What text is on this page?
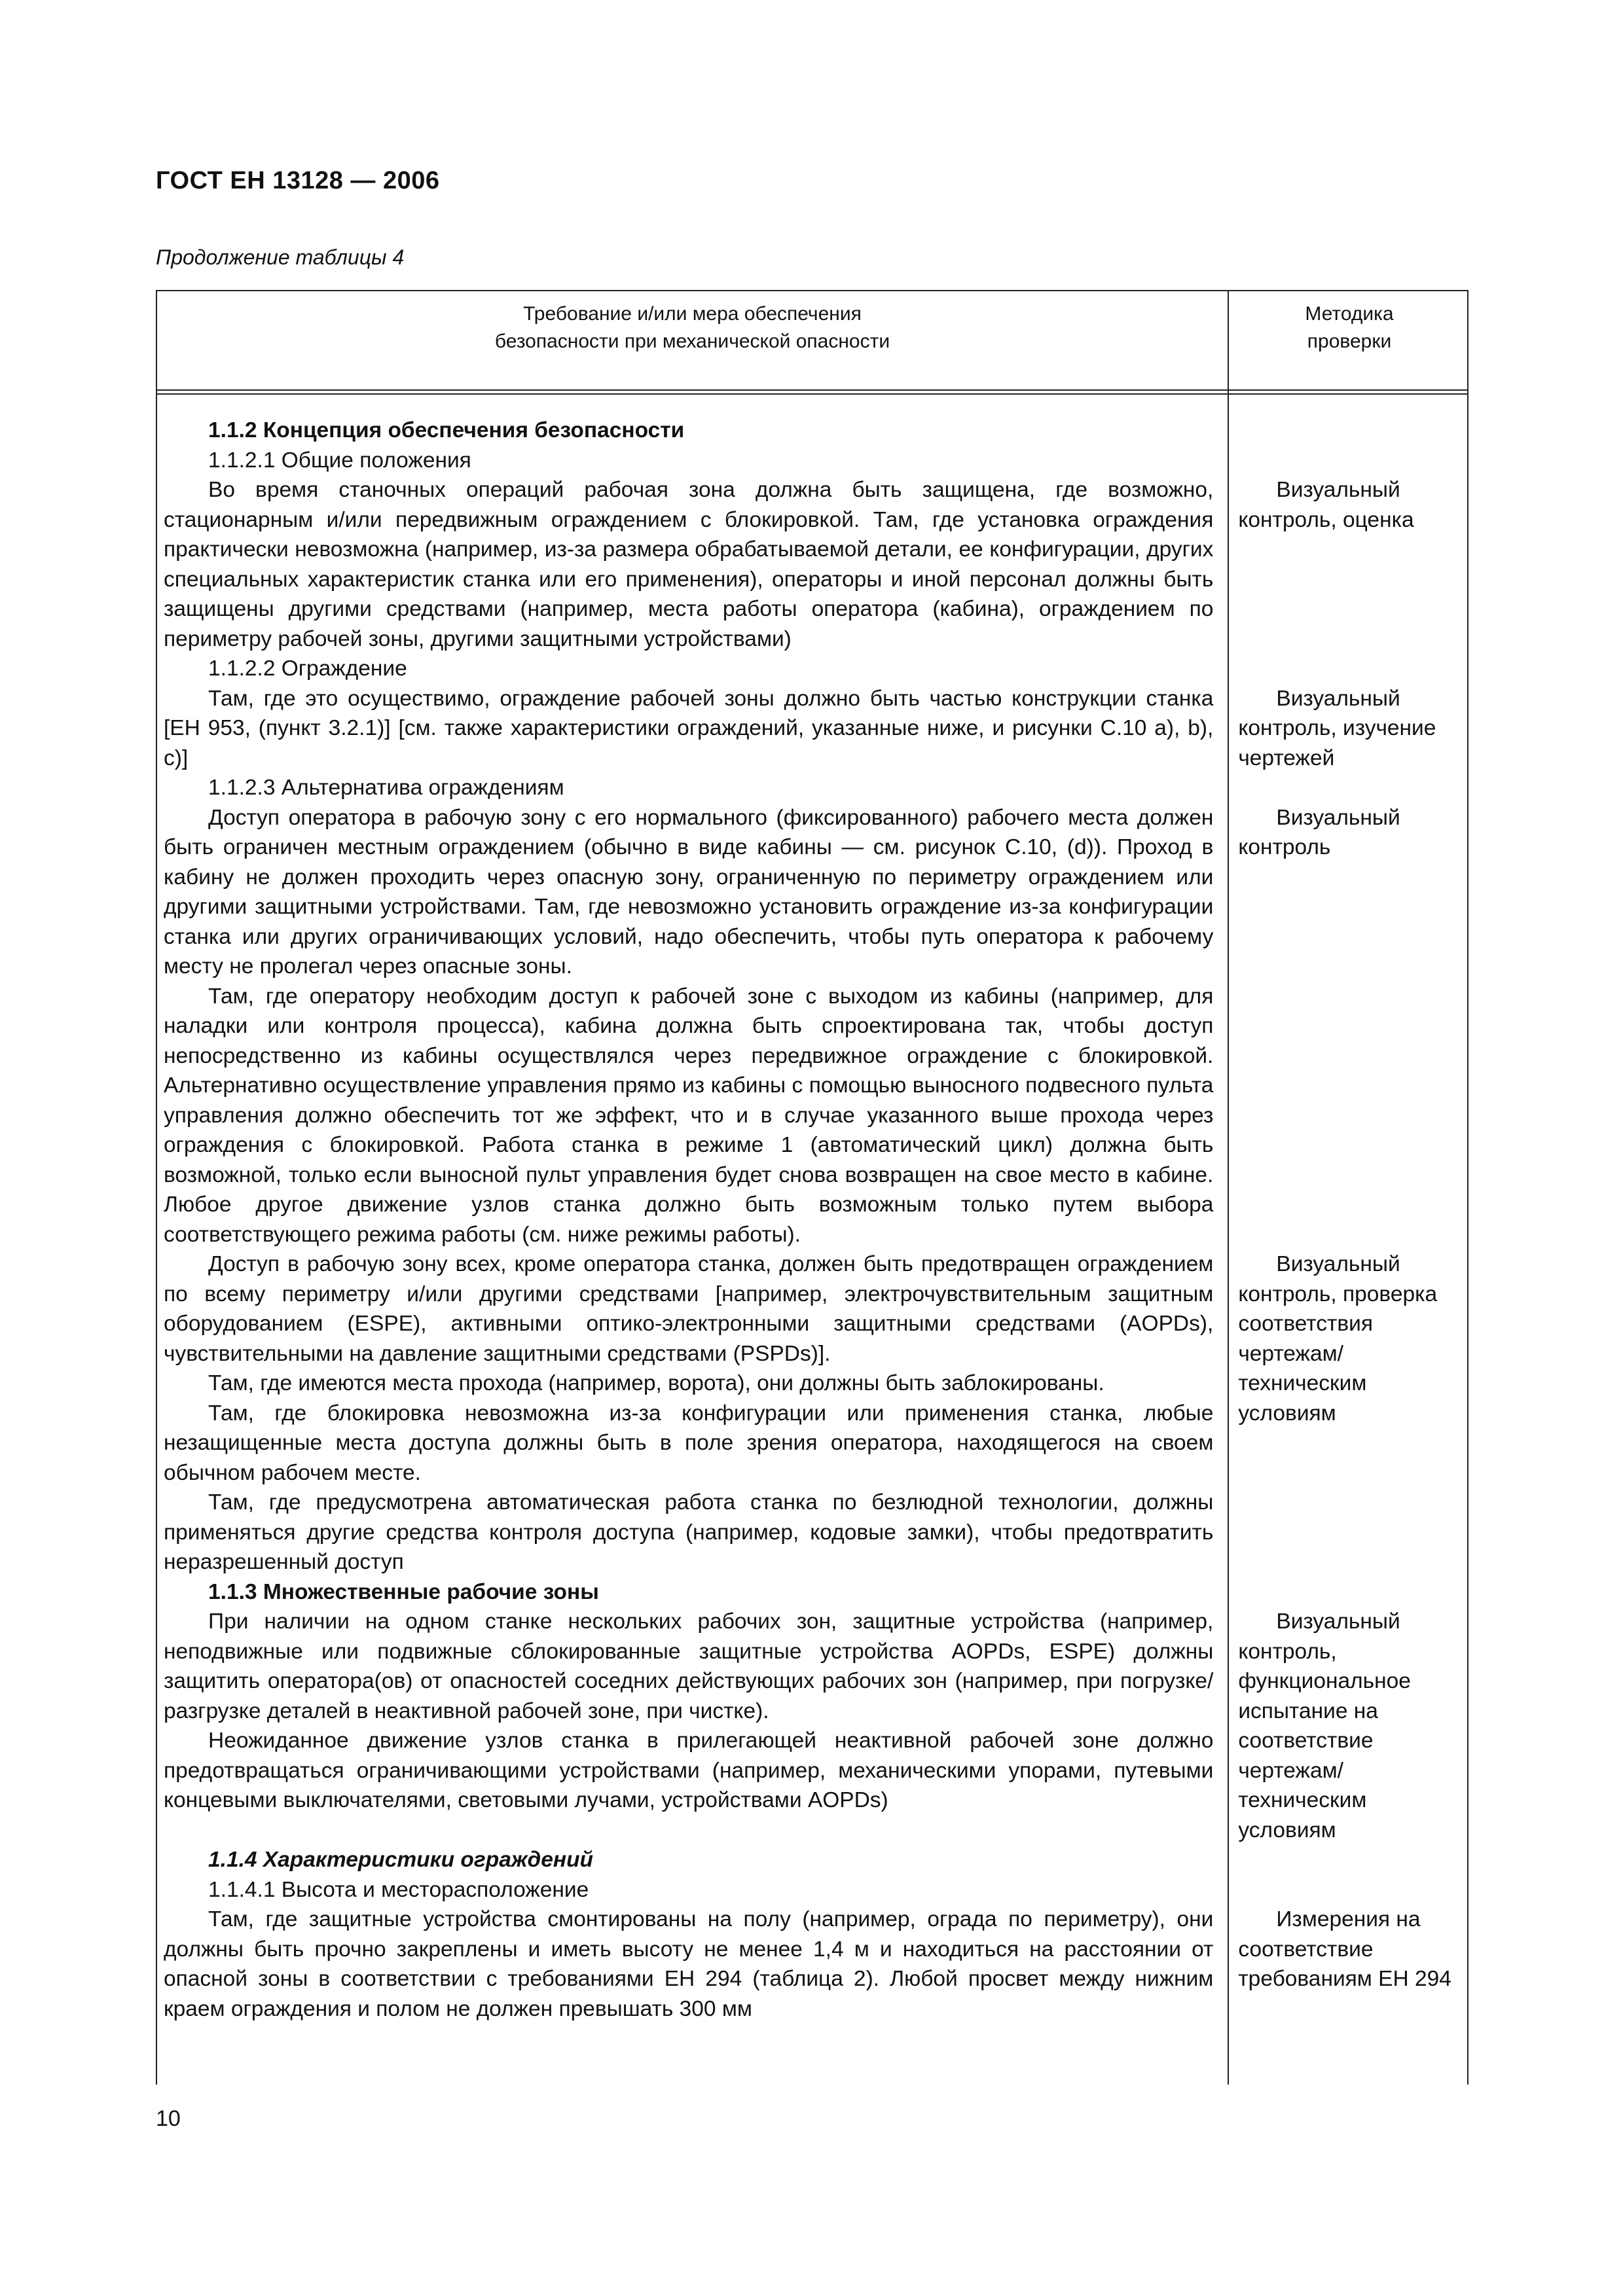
ГОСТ ЕН 13128 — 2006
Продолжение таблицы 4
Требование и/или мера обеспечения
безопасности при механической опасности
Методика
проверки

1.1.2 Концепция обеспечения безопасности

1.1.2.1 Общие положения

Во время станочных операций рабочая зона должна быть защищена, где возможно, стационарным и/или передвижным ограждением с блокировкой. Там, где установка ограждения практически невозможна (например, из-за размера обрабатываемой детали, ее конфигурации, других специальных характеристик станка или его применения), операторы и иной персонал должны быть защищены другими средствами (например, места работы оператора (кабина), ограждением по периметру рабочей зоны, другими защитными устройствами)

Визуальный контроль, оценка

1.1.2.2 Ограждение

Там, где это осуществимо, ограждение рабочей зоны должно быть частью конструкции станка [ЕН 953, (пункт 3.2.1)] [см. также характеристики ограждений, указанные ниже, и рисунки С.10 а), b), с)]

Визуальный контроль, изучение чертежей

1.1.2.3 Альтернатива ограждениям

Доступ оператора в рабочую зону с его нормального (фиксированного) рабочего места должен быть ограничен местным ограждением (обычно в виде кабины — см. рисунок С.10, (d)). Проход в кабину не должен проходить через опасную зону, ограниченную по периметру ограждением или другими защитными устройствами. Там, где невозможно установить ограждение из-за конфигурации станка или других ограничивающих условий, надо обеспечить, чтобы путь оператора к рабочему месту не пролегал через опасные зоны.

Там, где оператору необходим доступ к рабочей зоне с выходом из кабины (например, для наладки или контроля процесса), кабина должна быть спроектирована так, чтобы доступ непосредственно из кабины осуществлялся через передвижное ограждение с блокировкой. Альтернативно осуществление управления прямо из кабины с помощью выносного подвесного пульта управления должно обеспечить тот же эффект, что и в случае указанного выше прохода через ограждения с блокировкой. Работа станка в режиме 1 (автоматический цикл) должна быть возможной, только если выносной пульт управления будет снова возвращен на свое место в кабине. Любое другое движение узлов станка должно быть возможным только путем выбора соответствующего режима работы (см. ниже режимы работы).

Визуальный контроль

Доступ в рабочую зону всех, кроме оператора станка, должен быть предотвращен ограждением по всему периметру и/или другими средствами [например, электрочувствительным защитным оборудованием (ESPE), активными оптико-электронными защитными средствами (AOPDs), чувствительными на давление защитными средствами (PSPDs)].

Там, где имеются места прохода (например, ворота), они должны быть заблокированы.

Там, где блокировка невозможна из-за конфигурации или применения станка, любые незащищенные места доступа должны быть в поле зрения оператора, находящегося на своем обычном рабочем месте.

Там, где предусмотрена автоматическая работа станка по безлюдной технологии, должны применяться другие средства контроля доступа (например, кодовые замки), чтобы предотвратить неразрешенный доступ

Визуальный контроль, проверка соответствия чертежам/ техническим условиям

1.1.3 Множественные рабочие зоны

При наличии на одном станке нескольких рабочих зон, защитные устройства (например, неподвижные или подвижные сблокированные защитные устройства AOPDs, ESPE) должны защитить оператора(ов) от опасностей соседних действующих рабочих зон (например, при погрузке/разгрузке деталей в неактивной рабочей зоне, при чистке).

Неожиданное движение узлов станка в прилегающей неактивной рабочей зоне должно предотвращаться ограничивающими устройствами (например, механическими упорами, путевыми концевыми выключателями, световыми лучами, устройствами AOPDs)

Визуальный контроль, функциональное испытание на соответствие чертежам/ техническим условиям

1.1.4 Характеристики ограждений

1.1.4.1 Высота и месторасположение

Там, где защитные устройства смонтированы на полу (например, ограда по периметру), они должны быть прочно закреплены и иметь высоту не менее 1,4 м и находиться на расстоянии от опасной зоны в соответствии с требованиями ЕН 294 (таблица 2). Любой просвет между нижним краем ограждения и полом не должен превышать 300 мм

Измерения на соответствие требованиям ЕН 294
10
